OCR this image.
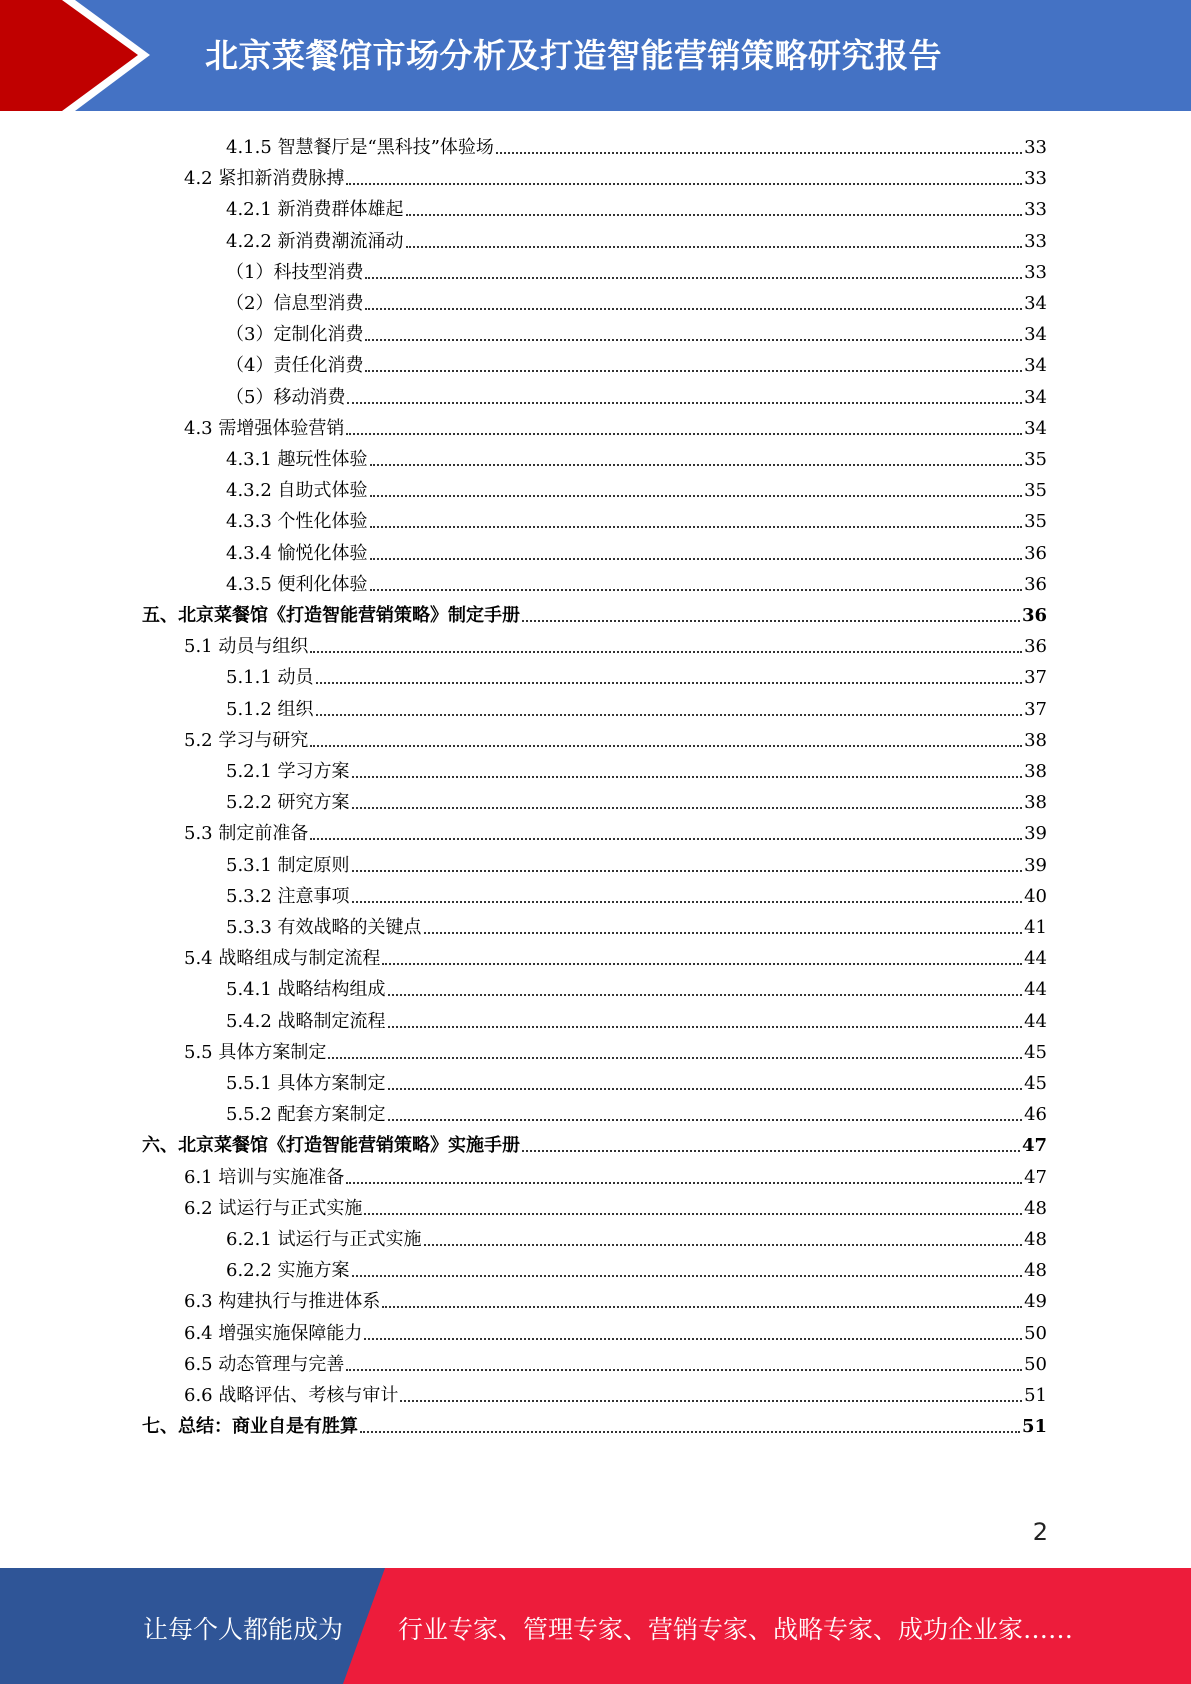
北京菜餐馆市场分析及打造智能营销策略研究报告
4.1.5 智慧餐厅是“黑科技”体验场	33
4.2 紧扣新消费脉搏	33
4.2.1 新消费群体雄起	33
4.2.2 新消费潮流涌动	33
（1）科技型消费	33
（2）信息型消费	34
（3）定制化消费	34
（4）责任化消费	34
（5）移动消费	34
4.3 需增强体验营销	34
4.3.1 趣玩性体验	35
4.3.2 自助式体验	35
4.3.3 个性化体验	35
4.3.4 愉悦化体验	36
4.3.5 便利化体验	36
五、北京菜餐馆《打造智能营销策略》制定手册	36
5.1 动员与组织	36
5.1.1 动员	37
5.1.2 组织	37
5.2 学习与研究	38
5.2.1 学习方案	38
5.2.2 研究方案	38
5.3 制定前准备	39
5.3.1 制定原则	39
5.3.2 注意事项	40
5.3.3 有效战略的关键点	41
5.4 战略组成与制定流程	44
5.4.1 战略结构组成	44
5.4.2 战略制定流程	44
5.5 具体方案制定	45
5.5.1 具体方案制定	45
5.5.2 配套方案制定	46
六、北京菜餐馆《打造智能营销策略》实施手册	47
6.1 培训与实施准备	47
6.2 试运行与正式实施	48
6.2.1 试运行与正式实施	48
6.2.2 实施方案	48
6.3 构建执行与推进体系	49
6.4 增强实施保障能力	50
6.5 动态管理与完善	50
6.6 战略评估、考核与审计	51
七、总结：商业自是有胜算	51
2
让每个人都能成为 行业专家、管理专家、营销专家、战略专家、成功企业家……
